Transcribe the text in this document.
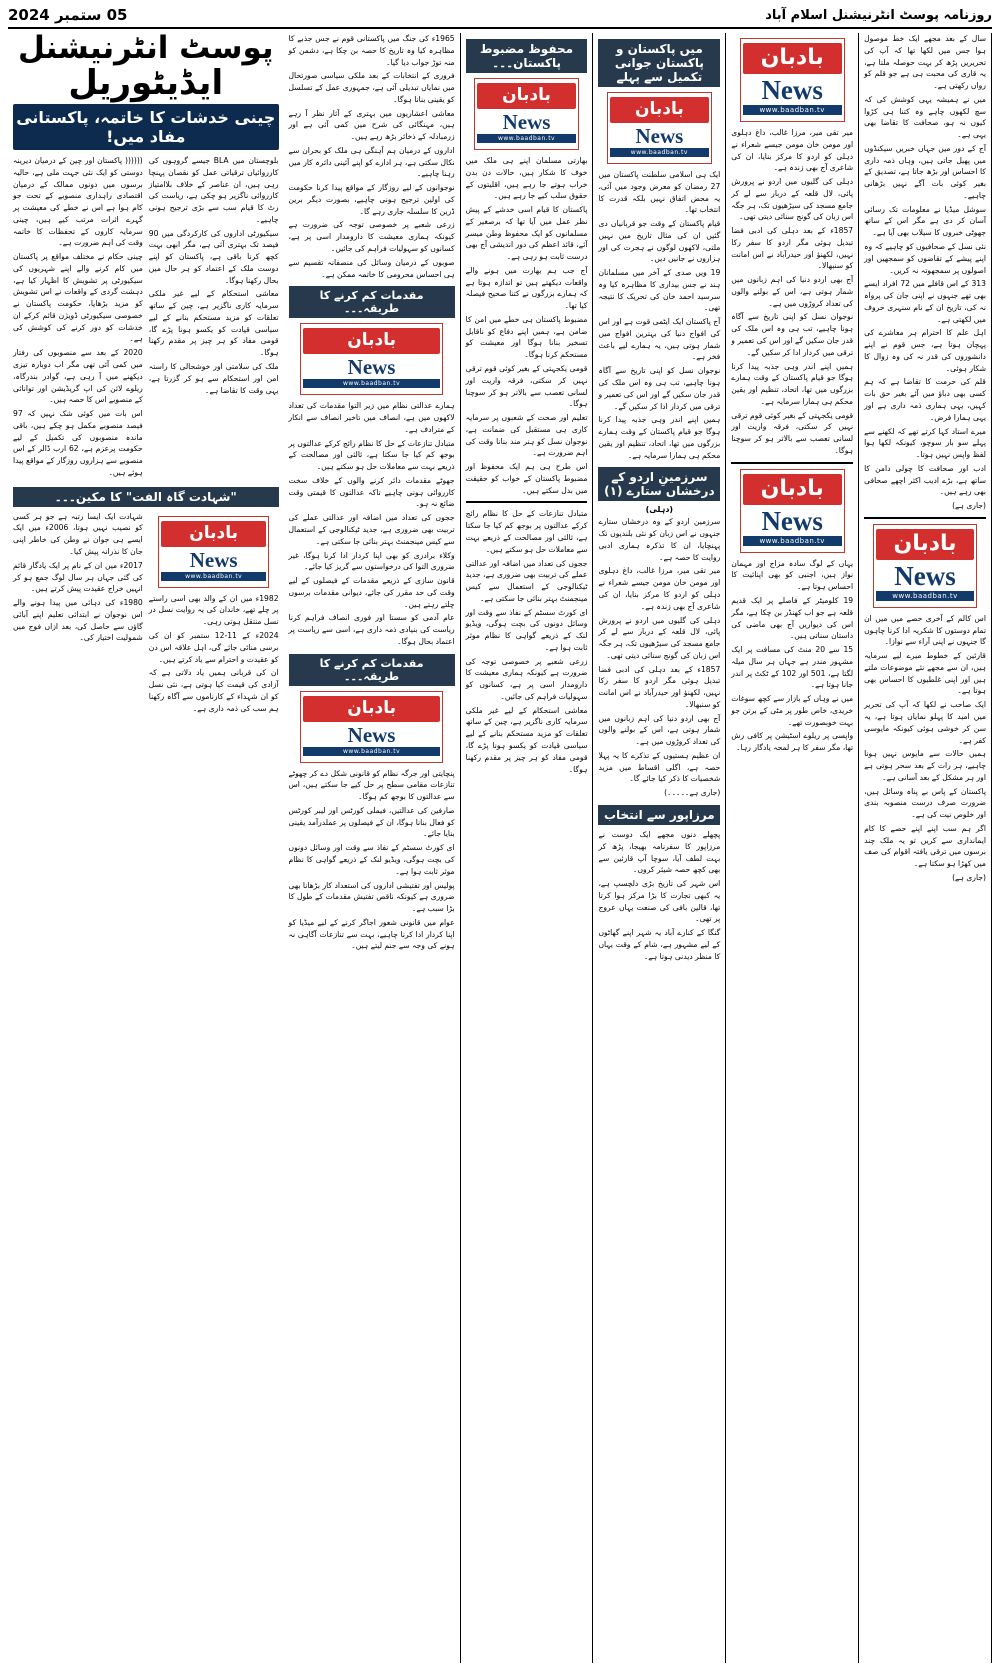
05 ستمبر 2024	روزنامہ پوسٹ انٹرنیشنل اسلام آباد
پوسٹ انٹرنیشنل
ایڈیٹوریل
چینی خدشات کا خاتمہ، پاکستانی مفاد میں!

(((((( پاکستان اور چین کے درمیان دیرینہ دوستی کو ایک نئی جہت ملی ہے، حالیہ برسوں میں دونوں ممالک کے درمیان اقتصادی راہداری منصوبے کے تحت جو کام ہوا ہے اس نے خطے کی معیشت پر گہرے اثرات مرتب کیے ہیں، چینی سرمایہ کاروں کے تحفظات کا خاتمہ وقت کی اہم ضرورت ہے۔

چینی حکام نے مختلف مواقع پر پاکستان میں کام کرنے والے اپنے شہریوں کی سیکیورٹی پر تشویش کا اظہار کیا ہے، دہشت گردی کے واقعات نے اس تشویش کو مزید بڑھایا، حکومت پاکستان نے خصوصی سیکیورٹی ڈویژن قائم کرکے ان خدشات کو دور کرنے کی کوشش کی ہے۔

2020 کے بعد سے منصوبوں کی رفتار میں کمی آئی تھی مگر اب دوبارہ تیزی دیکھنے میں آ رہی ہے، گوادر بندرگاہ، ریلوے لائن کی اپ گریڈیشن اور توانائی کے منصوبے اس کا حصہ ہیں۔

اس بات میں کوئی شک نہیں کہ 97 فیصد منصوبے مکمل ہو چکے ہیں، باقی ماندہ منصوبوں کی تکمیل کے لیے حکومت پرعزم ہے، 62 ارب ڈالر کے اس منصوبے سے ہزاروں روزگار کے مواقع پیدا ہوئے ہیں۔

بلوچستان میں BLA جیسے گروہوں کی کارروائیاں ترقیاتی عمل کو نقصان پہنچا رہی ہیں، ان عناصر کے خلاف بلاامتیاز کارروائی ناگزیر ہو چکی ہے، ریاست کی رٹ کا قیام سب سے بڑی ترجیح ہونی چاہیے۔

سیکیورٹی اداروں کی کارکردگی میں 90 فیصد تک بہتری آئی ہے، مگر ابھی بہت کچھ کرنا باقی ہے، پاکستان کو اپنے دوست ملک کے اعتماد کو ہر حال میں بحال رکھنا ہوگا۔

معاشی استحکام کے لیے غیر ملکی سرمایہ کاری ناگزیر ہے، چین کے ساتھ تعلقات کو مزید مستحکم بنانے کے لیے سیاسی قیادت کو یکسو ہونا پڑے گا، قومی مفاد کو ہر چیز پر مقدم رکھنا ہوگا۔

ملک کی سلامتی اور خوشحالی کا راستہ امن اور استحکام سے ہو کر گزرتا ہے، یہی وقت کا تقاضا ہے۔

"شہادت گاہ الفت" کا مکین۔۔۔

شہادت ایک ایسا رتبہ ہے جو ہر کسی کو نصیب نہیں ہوتا، 2006ء میں ایک ایسے ہی جوان نے وطن کی خاطر اپنی جان کا نذرانہ پیش کیا۔

2017ء میں ان کے نام پر ایک یادگار قائم کی گئی جہاں ہر سال لوگ جمع ہو کر انہیں خراج عقیدت پیش کرتے ہیں۔

1980ء کی دہائی میں پیدا ہونے والے اس نوجوان نے ابتدائی تعلیم اپنے آبائی گاؤں سے حاصل کی، بعد ازاں فوج میں شمولیت اختیار کی۔

بادبان
News
www.baadban.tv

1982ء میں ان کے والد بھی اسی راستے پر چلے تھے، خاندان کی یہ روایت نسل در نسل منتقل ہوتی رہی۔

2024ء کے 11-12 ستمبر کو ان کی برسی منائی جائے گی، اہل علاقہ اس دن کو عقیدت و احترام سے یاد کرتے ہیں۔

ان کی قربانی ہمیں یاد دلاتی ہے کہ آزادی کی قیمت کیا ہوتی ہے، نئی نسل کو ان شہداء کے کارناموں سے آگاہ رکھنا ہم سب کی ذمہ داری ہے۔

1965ء کی جنگ میں پاکستانی قوم نے جس جذبے کا مظاہرہ کیا وہ تاریخ کا حصہ بن چکا ہے، دشمن کو منہ توڑ جواب دیا گیا۔

فروری کے انتخابات کے بعد ملکی سیاسی صورتحال میں نمایاں تبدیلی آئی ہے، جمہوری عمل کے تسلسل کو یقینی بنانا ہوگا۔

معاشی اعشاریوں میں بہتری کے آثار نظر آ رہے ہیں، مہنگائی کی شرح میں کمی آئی ہے اور زرمبادلہ کے ذخائر بڑھ رہے ہیں۔

اداروں کے درمیان ہم آہنگی ہی ملک کو بحران سے نکال سکتی ہے، ہر ادارے کو اپنے آئینی دائرہ کار میں رہنا چاہیے۔

نوجوانوں کے لیے روزگار کے مواقع پیدا کرنا حکومت کی اولین ترجیح ہونی چاہیے، بصورت دیگر برین ڈرین کا سلسلہ جاری رہے گا۔

زرعی شعبے پر خصوصی توجہ کی ضرورت ہے کیونکہ ہماری معیشت کا دارومدار اسی پر ہے، کسانوں کو سہولیات فراہم کی جائیں۔

صوبوں کے درمیان وسائل کی منصفانہ تقسیم سے ہی احساس محرومی کا خاتمہ ممکن ہے۔

مقدمات کم کرنے کا طریقہ۔۔۔
بادبان
News
www.baadban.tv

ہمارے عدالتی نظام میں زیر التوا مقدمات کی تعداد لاکھوں میں ہے، انصاف میں تاخیر انصاف سے انکار کے مترادف ہے۔

متبادل تنازعات کے حل کا نظام رائج کرکے عدالتوں پر بوجھ کم کیا جا سکتا ہے، ثالثی اور مصالحت کے ذریعے بہت سے معاملات حل ہو سکتے ہیں۔

جھوٹے مقدمات دائر کرنے والوں کے خلاف سخت کارروائی ہونی چاہیے تاکہ عدالتوں کا قیمتی وقت ضائع نہ ہو۔

ججوں کی تعداد میں اضافہ اور عدالتی عملے کی تربیت بھی ضروری ہے، جدید ٹیکنالوجی کے استعمال سے کیس مینجمنٹ بہتر بنائی جا سکتی ہے۔

وکلاء برادری کو بھی اپنا کردار ادا کرنا ہوگا، غیر ضروری التوا کی درخواستوں سے گریز کیا جائے۔

قانون سازی کے ذریعے مقدمات کے فیصلوں کے لیے وقت کی حد مقرر کی جائے، دیوانی مقدمات برسوں چلتے رہتے ہیں۔

عام آدمی کو سستا اور فوری انصاف فراہم کرنا ریاست کی بنیادی ذمہ داری ہے، اسی سے ریاست پر اعتماد بحال ہوگا۔

مقدمات کم کرنے کا طریقہ۔۔۔
بادبان
News
www.baadban.tv

پنچایتی اور جرگہ نظام کو قانونی شکل دے کر چھوٹے تنازعات مقامی سطح پر حل کیے جا سکتے ہیں، اس سے عدالتوں کا بوجھ کم ہوگا۔

صارفین کی عدالتیں، فیملی کورٹس اور لیبر کورٹس کو فعال بنانا ہوگا، ان کے فیصلوں پر عملدرآمد یقینی بنایا جائے۔

ای کورٹ سسٹم کے نفاذ سے وقت اور وسائل دونوں کی بچت ہوگی، ویڈیو لنک کے ذریعے گواہی کا نظام موثر ثابت ہوا ہے۔

پولیس اور تفتیشی اداروں کی استعداد کار بڑھانا بھی ضروری ہے کیونکہ ناقص تفتیش مقدمات کے طول کا بڑا سبب ہے۔

عوام میں قانونی شعور اجاگر کرنے کے لیے میڈیا کو اپنا کردار ادا کرنا چاہیے، بہت سے تنازعات آگاہی نہ ہونے کی وجہ سے جنم لیتے ہیں۔

محفوظ مضبوط پاکستان۔۔۔
بادبان
News
www.baadban.tv

بھارتی مسلمان اپنے ہی ملک میں خوف کا شکار ہیں، حالات دن بدن خراب ہوتے جا رہے ہیں، اقلیتوں کے حقوق سلب کیے جا رہے ہیں۔

پاکستان کا قیام اسی خدشے کے پیش نظر عمل میں آیا تھا کہ برصغیر کے مسلمانوں کو ایک محفوظ وطن میسر آئے، قائد اعظم کی دور اندیشی آج بھی درست ثابت ہو رہی ہے۔

آج جب ہم بھارت میں ہونے والے واقعات دیکھتے ہیں تو اندازہ ہوتا ہے کہ ہمارے بزرگوں نے کتنا صحیح فیصلہ کیا تھا۔

مضبوط پاکستان ہی خطے میں امن کا ضامن ہے، ہمیں اپنے دفاع کو ناقابل تسخیر بنانا ہوگا اور معیشت کو مستحکم کرنا ہوگا۔

قومی یکجہتی کے بغیر کوئی قوم ترقی نہیں کر سکتی، فرقہ واریت اور لسانی تعصب سے بالاتر ہو کر سوچنا ہوگا۔

تعلیم اور صحت کے شعبوں پر سرمایہ کاری ہی مستقبل کی ضمانت ہے، نوجوان نسل کو ہنر مند بنانا وقت کی اہم ضرورت ہے۔

اس طرح ہی ہم ایک محفوظ اور مضبوط پاکستان کے خواب کو حقیقت میں بدل سکتے ہیں۔

متبادل تنازعات کے حل کا نظام رائج کرکے عدالتوں پر بوجھ کم کیا جا سکتا ہے، ثالثی اور مصالحت کے ذریعے بہت سے معاملات حل ہو سکتے ہیں۔

ججوں کی تعداد میں اضافہ اور عدالتی عملے کی تربیت بھی ضروری ہے، جدید ٹیکنالوجی کے استعمال سے کیس مینجمنٹ بہتر بنائی جا سکتی ہے۔

ای کورٹ سسٹم کے نفاذ سے وقت اور وسائل دونوں کی بچت ہوگی، ویڈیو لنک کے ذریعے گواہی کا نظام موثر ثابت ہوا ہے۔

زرعی شعبے پر خصوصی توجہ کی ضرورت ہے کیونکہ ہماری معیشت کا دارومدار اسی پر ہے، کسانوں کو سہولیات فراہم کی جائیں۔

معاشی استحکام کے لیے غیر ملکی سرمایہ کاری ناگزیر ہے، چین کے ساتھ تعلقات کو مزید مستحکم بنانے کے لیے سیاسی قیادت کو یکسو ہونا پڑے گا، قومی مفاد کو ہر چیز پر مقدم رکھنا ہوگا۔

میں پاکستان و پاکستان جوانی تکمیل سے پہلے
بادبان
News
www.baadban.tv

ایک ہی اسلامی سلطنت پاکستان میں 27 رمضان کو معرض وجود میں آئی، یہ محض اتفاق نہیں بلکہ قدرت کا انتخاب تھا۔

قیام پاکستان کے وقت جو قربانیاں دی گئیں ان کی مثال تاریخ میں نہیں ملتی، لاکھوں لوگوں نے ہجرت کی اور ہزاروں نے جانیں دیں۔

19 ویں صدی کے آخر میں مسلمانان ہند نے جس بیداری کا مظاہرہ کیا وہ سرسید احمد خان کی تحریک کا نتیجہ تھی۔

آج پاکستان ایک ایٹمی قوت ہے اور اس کی افواج دنیا کی بہترین افواج میں شمار ہوتی ہیں، یہ ہمارے لیے باعث فخر ہے۔

نوجوان نسل کو اپنی تاریخ سے آگاہ ہونا چاہیے، تب ہی وہ اس ملک کی قدر جان سکیں گے اور اس کی تعمیر و ترقی میں کردار ادا کر سکیں گے۔

ہمیں اپنے اندر وہی جذبہ پیدا کرنا ہوگا جو قیام پاکستان کے وقت ہمارے بزرگوں میں تھا، اتحاد، تنظیم اور یقین محکم ہی ہمارا سرمایہ ہے۔

سرزمینِ اردو کے درخشاں ستارے (۱)
(دہلی)

سرزمین اردو کے وہ درخشاں ستارے جنہوں نے اس زبان کو نئی بلندیوں تک پہنچایا، ان کا تذکرہ ہماری ادبی روایت کا حصہ ہے۔

میر تقی میر، مرزا غالب، داغ دہلوی اور مومن خان مومن جیسے شعراء نے دہلی کو اردو کا مرکز بنایا، ان کی شاعری آج بھی زندہ ہے۔

دہلی کی گلیوں میں اردو نے پرورش پائی، لال قلعہ کے دربار سے لے کر جامع مسجد کی سیڑھیوں تک، ہر جگہ اس زبان کی گونج سنائی دیتی تھی۔

1857ء کے بعد دہلی کی ادبی فضا تبدیل ہوئی مگر اردو کا سفر رکا نہیں، لکھنؤ اور حیدرآباد نے اس امانت کو سنبھالا۔

آج بھی اردو دنیا کی اہم زبانوں میں شمار ہوتی ہے، اس کے بولنے والوں کی تعداد کروڑوں میں ہے۔

ان عظیم ہستیوں کے تذکرے کا یہ پہلا حصہ ہے، اگلی اقساط میں مزید شخصیات کا ذکر کیا جائے گا۔

(جاری ہے۔۔۔۔۔)

مرزاپور سے انتخاب

پچھلے دنوں مجھے ایک دوست نے مرزاپور کا سفرنامہ بھیجا، پڑھ کر بہت لطف آیا، سوچا آپ قارئین سے بھی کچھ حصہ شیئر کروں۔

اس شہر کی تاریخ بڑی دلچسپ ہے، یہ کبھی تجارت کا بڑا مرکز ہوا کرتا تھا، قالین بافی کی صنعت یہاں عروج پر تھی۔

گنگا کے کنارے آباد یہ شہر اپنے گھاٹوں کے لیے مشہور ہے، شام کے وقت یہاں کا منظر دیدنی ہوتا ہے۔

بادبان
News
www.baadban.tv

میر تقی میر، مرزا غالب، داغ دہلوی اور مومن خان مومن جیسے شعراء نے دہلی کو اردو کا مرکز بنایا، ان کی شاعری آج بھی زندہ ہے۔

دہلی کی گلیوں میں اردو نے پرورش پائی، لال قلعہ کے دربار سے لے کر جامع مسجد کی سیڑھیوں تک، ہر جگہ اس زبان کی گونج سنائی دیتی تھی۔

1857ء کے بعد دہلی کی ادبی فضا تبدیل ہوئی مگر اردو کا سفر رکا نہیں، لکھنؤ اور حیدرآباد نے اس امانت کو سنبھالا۔

آج بھی اردو دنیا کی اہم زبانوں میں شمار ہوتی ہے، اس کے بولنے والوں کی تعداد کروڑوں میں ہے۔

نوجوان نسل کو اپنی تاریخ سے آگاہ ہونا چاہیے، تب ہی وہ اس ملک کی قدر جان سکیں گے اور اس کی تعمیر و ترقی میں کردار ادا کر سکیں گے۔

ہمیں اپنے اندر وہی جذبہ پیدا کرنا ہوگا جو قیام پاکستان کے وقت ہمارے بزرگوں میں تھا، اتحاد، تنظیم اور یقین محکم ہی ہمارا سرمایہ ہے۔

قومی یکجہتی کے بغیر کوئی قوم ترقی نہیں کر سکتی، فرقہ واریت اور لسانی تعصب سے بالاتر ہو کر سوچنا ہوگا۔

بادبان
News
www.baadban.tv

یہاں کے لوگ سادہ مزاج اور مہمان نواز ہیں، اجنبی کو بھی اپنائیت کا احساس ہوتا ہے۔

19 کلومیٹر کے فاصلے پر ایک قدیم قلعہ ہے جو اب کھنڈر بن چکا ہے، مگر اس کی دیواریں آج بھی ماضی کی داستان سناتی ہیں۔

15 سے 20 منٹ کی مسافت پر ایک مشہور مندر ہے جہاں ہر سال میلہ لگتا ہے، 501 اور 102 کے ٹکٹ پر اندر جانا ہوتا ہے۔

میں نے وہاں کے بازار سے کچھ سوغات خریدی، خاص طور پر مٹی کے برتن جو بہت خوبصورت تھے۔

واپسی پر ریلوے اسٹیشن پر کافی رش تھا، مگر سفر کا ہر لمحہ یادگار رہا۔

سال کے بعد مجھے ایک خط موصول ہوا جس میں لکھا تھا کہ آپ کی تحریریں پڑھ کر بہت حوصلہ ملتا ہے، یہ قاری کی محبت ہی ہے جو قلم کو رواں رکھتی ہے۔

میں نے ہمیشہ یہی کوشش کی کہ سچ لکھوں چاہے وہ کتنا ہی کڑوا کیوں نہ ہو، صحافت کا تقاضا بھی یہی ہے۔

آج کے دور میں جہاں خبریں سیکنڈوں میں پھیل جاتی ہیں، وہاں ذمہ داری کا احساس اور بڑھ جاتا ہے، تصدیق کے بغیر کوئی بات آگے نہیں بڑھانی چاہیے۔

سوشل میڈیا نے معلومات تک رسائی آسان کر دی ہے مگر اس کے ساتھ جھوٹی خبروں کا سیلاب بھی آیا ہے۔

نئی نسل کے صحافیوں کو چاہیے کہ وہ اپنے پیشے کے تقاضوں کو سمجھیں اور اصولوں پر سمجھوتہ نہ کریں۔

313 کے اس قافلے میں 72 افراد ایسے بھی تھے جنہوں نے اپنی جان کی پرواہ نہ کی، تاریخ ان کے نام سنہری حروف میں لکھتی ہے۔

اہل علم کا احترام ہر معاشرے کی پہچان ہوتا ہے، جس قوم نے اپنے دانشوروں کی قدر نہ کی وہ زوال کا شکار ہوئی۔

قلم کی حرمت کا تقاضا ہے کہ ہم کسی بھی دباؤ میں آئے بغیر حق بات کہیں، یہی ہماری ذمہ داری ہے اور یہی ہمارا فرض۔

میرے استاد کہا کرتے تھے کہ لکھنے سے پہلے سو بار سوچو، کیونکہ لکھا ہوا لفظ واپس نہیں ہوتا۔

ادب اور صحافت کا چولی دامن کا ساتھ ہے، بڑے ادیب اکثر اچھے صحافی بھی رہے ہیں۔

(جاری ہے)

بادبان
News
www.baadban.tv

اس کالم کے آخری حصے میں میں ان تمام دوستوں کا شکریہ ادا کرنا چاہوں گا جنہوں نے اپنی آراء سے نوازا۔

قارئین کے خطوط میرے لیے سرمایہ ہیں، ان سے مجھے نئے موضوعات ملتے ہیں اور اپنی غلطیوں کا احساس بھی ہوتا ہے۔

ایک صاحب نے لکھا کہ آپ کی تحریر میں امید کا پہلو نمایاں ہوتا ہے، یہ سن کر خوشی ہوئی کیونکہ مایوسی کفر ہے۔

ہمیں حالات سے مایوس نہیں ہونا چاہیے، ہر رات کے بعد سحر ہوتی ہے اور ہر مشکل کے بعد آسانی ہے۔

پاکستان کے پاس بے پناہ وسائل ہیں، ضرورت صرف درست منصوبہ بندی اور خلوص نیت کی ہے۔

اگر ہم سب اپنے اپنے حصے کا کام ایمانداری سے کریں تو یہ ملک چند برسوں میں ترقی یافتہ اقوام کی صف میں کھڑا ہو سکتا ہے۔

(جاری ہے)
